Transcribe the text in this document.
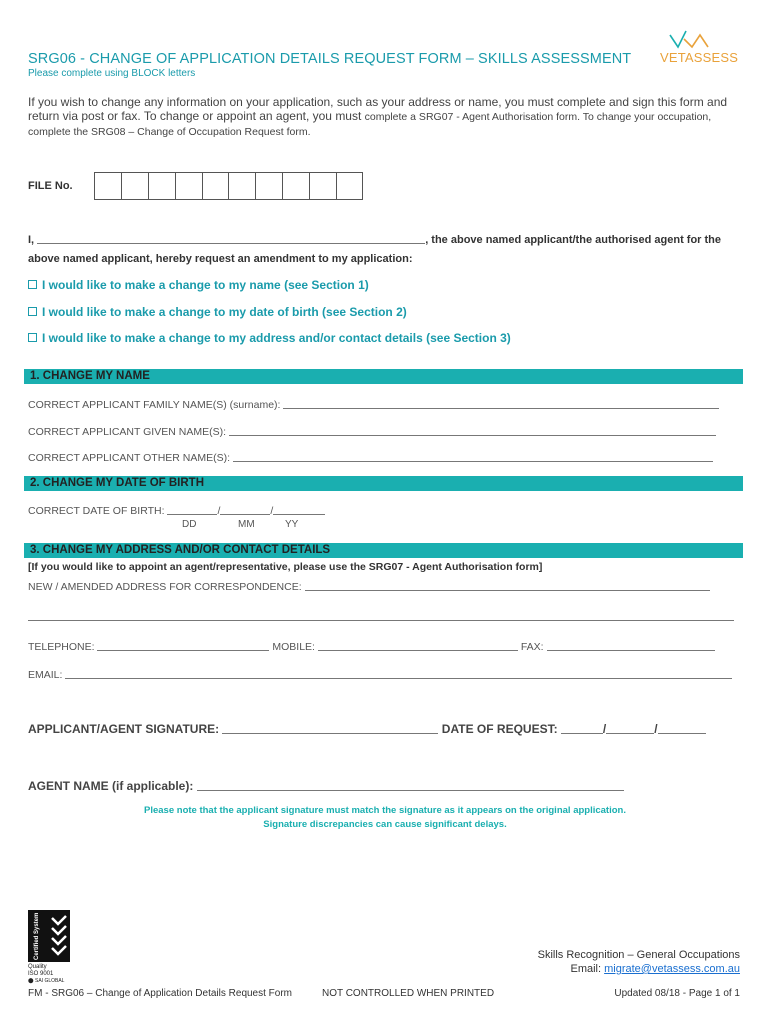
SRG06 - CHANGE OF APPLICATION DETAILS REQUEST FORM – SKILLS ASSESSMENT
Please complete using BLOCK letters
VETASSESS
If you wish to change any information on your application, such as your address or name, you must complete and sign this form and return via post or fax. To change or appoint an agent, you must complete a SRG07 - Agent Authorisation form. To change your occupation, complete the SRG08 – Change of Occupation Request form.
FILE No.
I,	, the above named applicant/the authorised agent for the
above named applicant, hereby request an amendment to my application:
I would like to make a change to my name (see Section 1)
I would like to make a change to my date of birth (see Section 2)
I would like to make a change to my address and/or contact details (see Section 3)
1. CHANGE MY NAME
CORRECT APPLICANT FAMILY NAME(S) (surname):
CORRECT APPLICANT GIVEN NAME(S):
CORRECT APPLICANT OTHER NAME(S):
2. CHANGE MY DATE OF BIRTH
CORRECT DATE OF BIRTH:	/	/
DD	MM	YY
3. CHANGE MY ADDRESS AND/OR CONTACT DETAILS
[If you would like to appoint an agent/representative, please use the SRG07 - Agent Authorisation form]
NEW / AMENDED ADDRESS FOR CORRESPONDENCE:
TELEPHONE:	MOBILE:	FAX:
EMAIL:
APPLICANT/AGENT SIGNATURE:	DATE OF REQUEST:	/	/
AGENT NAME (if applicable):
Please note that the applicant signature must match the signature as it appears on the original application.
Signature discrepancies can cause significant delays.
Certified System
Quality
ISO 9001
⬤ SAI GLOBAL
Skills Recognition – General Occupations
Email: migrate@vetassess.com.au
FM - SRG06 – Change of Application Details Request Form	NOT CONTROLLED WHEN PRINTED	Updated 08/18 - Page 1 of 1
